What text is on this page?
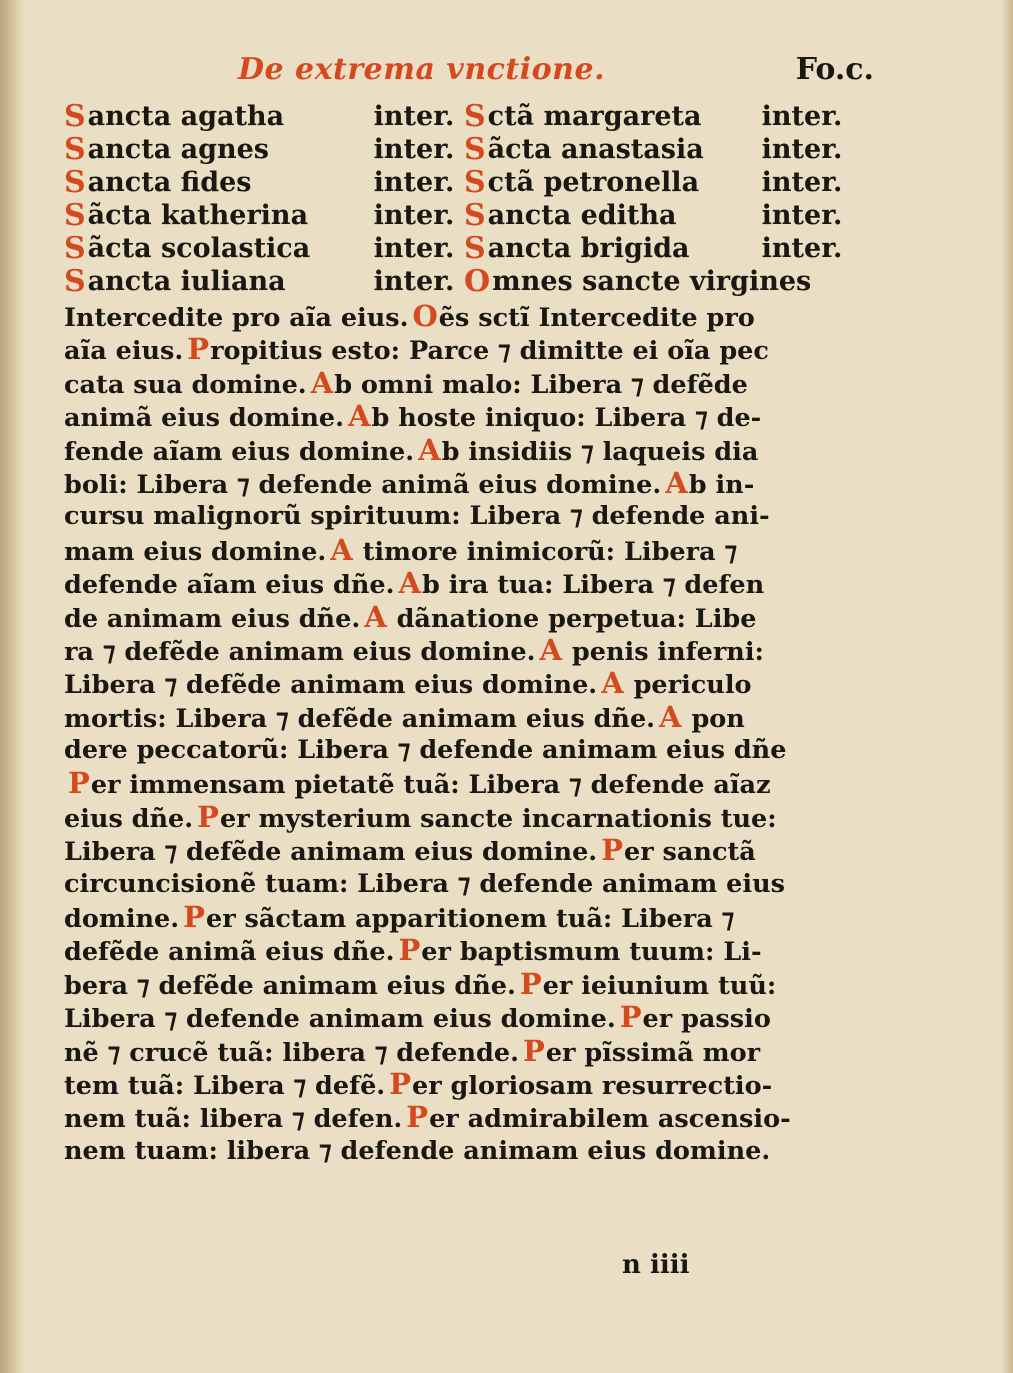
De extrema vnctione.	Fo.c.
S ancta agatha	inter. S ctã margareta	inter.
S ancta agnes	inter. S ãcta anastasia	inter.
S ancta fides	inter. S ctã petronella	inter.
S ãcta katherina	inter. S ancta editha	inter.
S ãcta scolastica	inter. S ancta brigida	inter.
S ancta iuliana	inter. O mnes sancte virgines
Intercedite pro aĩa eius. Oẽs sctĩ Intercedite pro
aĩa eius. Propitius esto: Parce ⁊ dimitte ei oĩa pec
cata sua domine. Ab omni malo: Libera ⁊ defẽde
animã eius domine. Ab hoste iniquo: Libera ⁊ de-
fende aĩam eius domine. Ab insidiis ⁊ laqueis dia
boli: Libera ⁊ defende animã eius domine. Ab in-
cursu malignorũ spirituum: Libera ⁊ defende ani-
mam eius domine. A timore inimicorũ: Libera ⁊
defende aĩam eius dñe. Ab ira tua: Libera ⁊ defen
de animam eius dñe. A dãnatione perpetua: Libe
ra ⁊ defẽde animam eius domine. A penis inferni:
Libera ⁊ defẽde animam eius domine. A periculo
mortis: Libera ⁊ defẽde animam eius dñe. A pon
dere peccatorũ: Libera ⁊ defende animam eius dñe
Per immensam pietatẽ tuã: Libera ⁊ defende aĩaz
eius dñe. Per mysterium sancte incarnationis tue:
Libera ⁊ defẽde animam eius domine. Per sanctã
circuncisionẽ tuam: Libera ⁊ defende animam eius
domine. Per sãctam apparitionem tuã: Libera ⁊
defẽde animã eius dñe. Per baptismum tuum: Li-
bera ⁊ defẽde animam eius dñe. Per ieiunium tuũ:
Libera ⁊ defende animam eius domine. Per passio
nẽ ⁊ crucẽ tuã: libera ⁊ defende. Per pĩssimã mor
tem tuã: Libera ⁊ defẽ. Per gloriosam resurrectio-
nem tuã: libera ⁊ defen. Per admirabilem ascensio-
nem tuam: libera ⁊ defende animam eius domine.
n iiii
